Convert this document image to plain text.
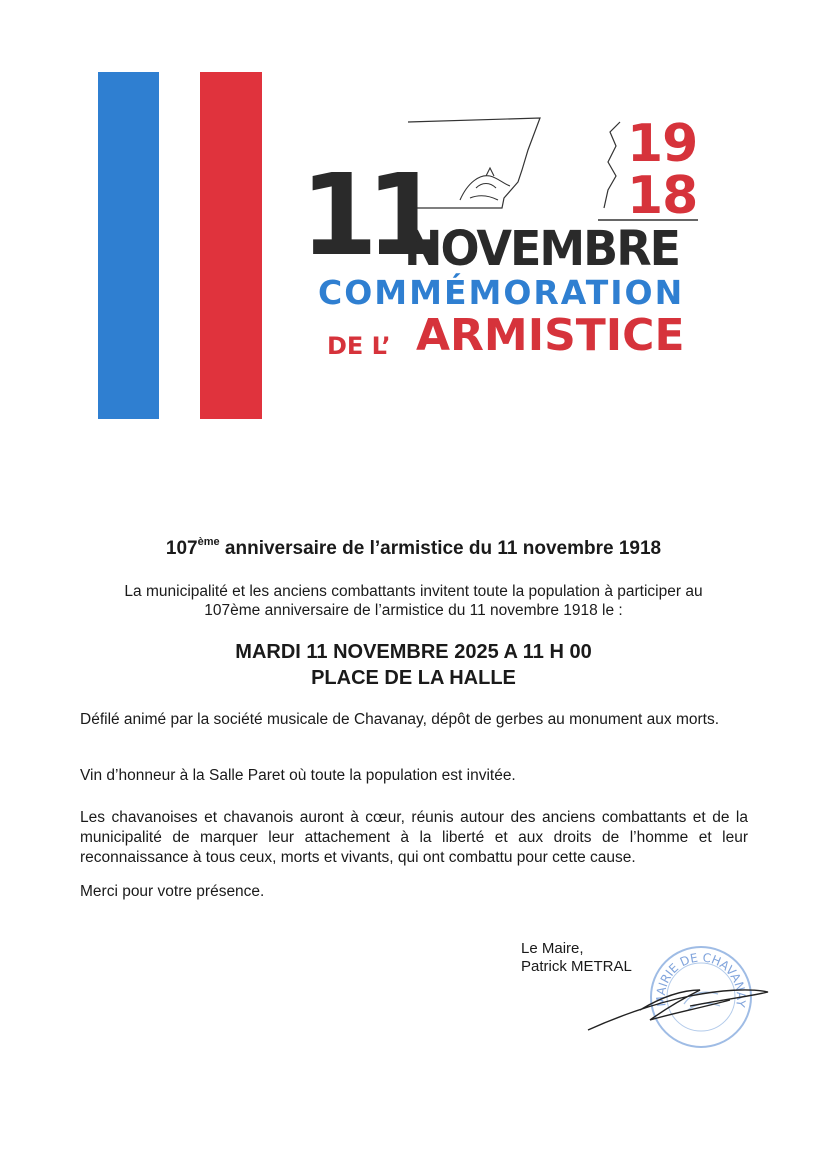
11
19
18
NOVEMBRE
COMMÉMORATION
DE L’ ARMISTICE
107ème anniversaire de l’armistice du 11 novembre 1918
La municipalité et les anciens combattants invitent toute la population à participer au 107ème anniversaire de l’armistice du 11 novembre 1918 le :
MARDI 11 NOVEMBRE 2025 A 11 H 00
PLACE DE LA HALLE
Défilé animé par la société musicale de Chavanay, dépôt de gerbes au monument aux morts.
Vin d’honneur à la Salle Paret où toute la population est invitée.
Les chavanoises et chavanois auront à cœur, réunis autour des anciens combattants et de la municipalité de marquer leur attachement à la liberté et aux droits de l’homme et leur reconnaissance à tous ceux, morts et vivants, qui ont combattu pour cette cause.
Merci pour votre présence.
Le Maire,
Patrick METRAL
MAIRIE DE CHAVANAY
